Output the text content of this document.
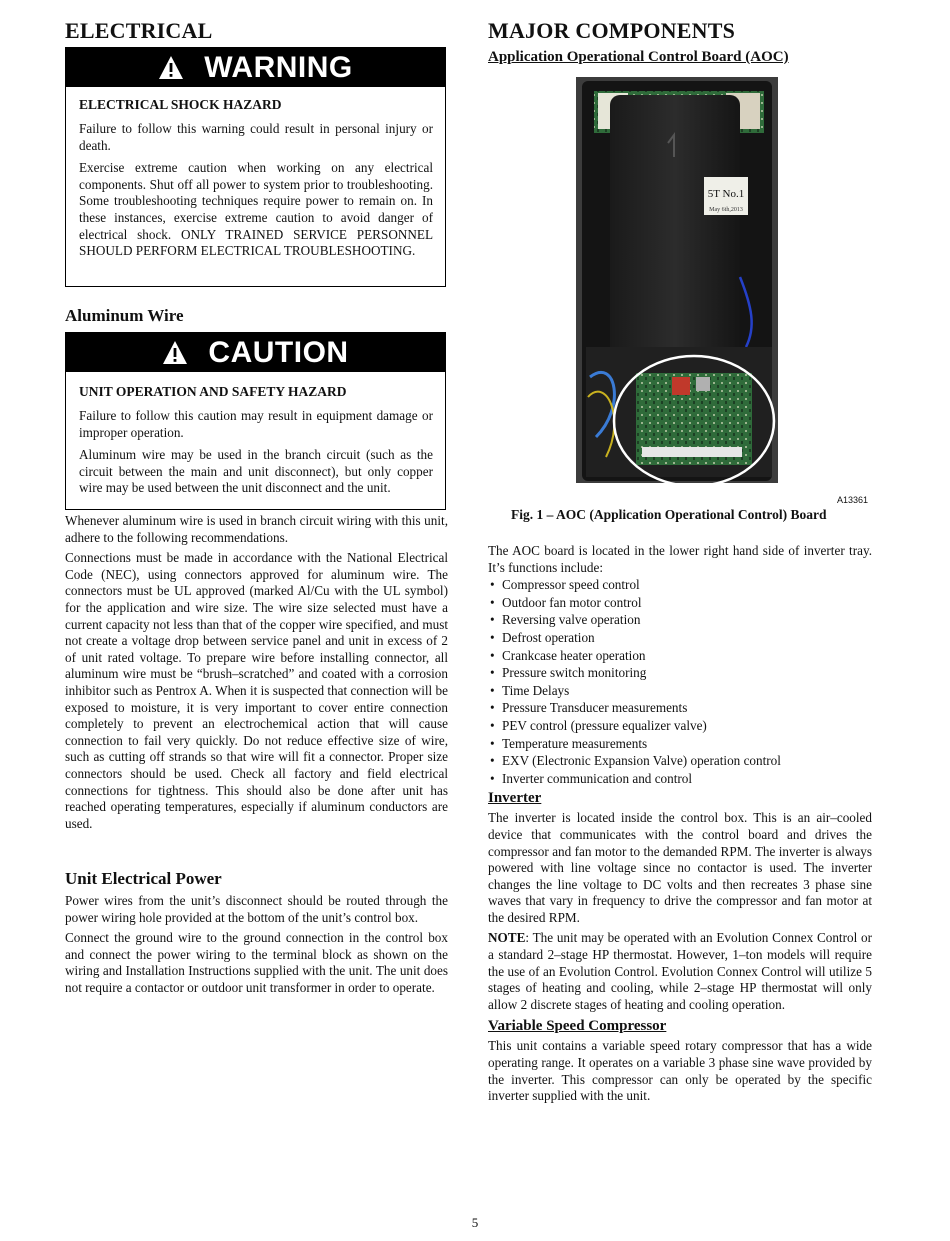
ELECTRICAL
WARNING
ELECTRICAL SHOCK HAZARD

Failure to follow this warning could result in personal injury or death.

Exercise extreme caution when working on any electrical components. Shut off all power to system prior to troubleshooting. Some troubleshooting techniques require power to remain on. In these instances, exercise extreme caution to avoid danger of electrical shock. ONLY TRAINED SERVICE PERSONNEL SHOULD PERFORM ELECTRICAL TROUBLESHOOTING.

Aluminum Wire
CAUTION
UNIT OPERATION AND SAFETY HAZARD

Failure to follow this caution may result in equipment damage or improper operation.

Aluminum wire may be used in the branch circuit (such as the circuit between the main and unit disconnect), but only copper wire may be used between the unit disconnect and the unit.

Whenever aluminum wire is used in branch circuit wiring with this unit, adhere to the following recommendations.

Connections must be made in accordance with the National Electrical Code (NEC), using connectors approved for aluminum wire. The connectors must be UL approved (marked Al/Cu with the UL symbol) for the application and wire size. The wire size selected must have a current capacity not less than that of the copper wire specified, and must not create a voltage drop between service panel and unit in excess of 2 of unit rated voltage. To prepare wire before installing connector, all aluminum wire must be “brush–scratched” and coated with a corrosion inhibitor such as Pentrox A. When it is suspected that connection will be exposed to moisture, it is very important to cover entire connection completely to prevent an electrochemical action that will cause connection to fail very quickly. Do not reduce effective size of wire, such as cutting off strands so that wire will fit a connector. Proper size connectors should be used. Check all factory and field electrical connections for tightness. This should also be done after unit has reached operating temperatures, especially if aluminum conductors are used.

Unit Electrical Power

Power wires from the unit’s disconnect should be routed through the power wiring hole provided at the bottom of the unit’s control box.

Connect the ground wire to the ground connection in the control box and connect the power wiring to the terminal block as shown on the wiring and Installation Instructions supplied with the unit. The unit does not require a contactor or outdoor unit transformer in order to operate.

MAJOR COMPONENTS
Application Operational Control Board (AOC)
5T No.1
May 6th,2013
A13361
Fig. 1 – AOC (Application Operational Control) Board

The AOC board is located in the lower right hand side of inverter tray. It’s functions include:

• Compressor speed control
• Outdoor fan motor control
• Reversing valve operation
• Defrost operation
• Crankcase heater operation
• Pressure switch monitoring
• Time Delays
• Pressure Transducer measurements
• PEV control (pressure equalizer valve)
• Temperature measurements
• EXV (Electronic Expansion Valve) operation control
• Inverter communication and control
Inverter

The inverter is located inside the control box. This is an air–cooled device that communicates with the control board and drives the compressor and fan motor to the demanded RPM. The inverter is always powered with line voltage since no contactor is used. The inverter changes the line voltage to DC volts and then recreates 3 phase sine waves that vary in frequency to drive the compressor and fan motor at the desired RPM.

NOTE: The unit may be operated with an Evolution Connex Control or a standard 2–stage HP thermostat. However, 1–ton models will require the use of an Evolution Control. Evolution Connex Control will utilize 5 stages of heating and cooling, while 2–stage HP thermostat will only allow 2 discrete stages of heating and cooling operation.

Variable Speed Compressor

This unit contains a variable speed rotary compressor that has a wide operating range. It operates on a variable 3 phase sine wave provided by the inverter. This compressor can only be operated by the specific inverter supplied with the unit.

5
